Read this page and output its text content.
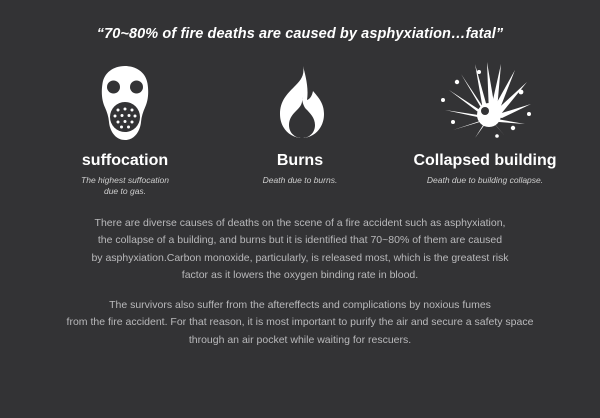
“70~80% of fire deaths are caused by asphyxiation…fatal”
suffocation
The highest suffocation
due to gas.
Burns
Death due to burns.
Collapsed building
Death due to building collapse.
There are diverse causes of deaths on the scene of a fire accident such as asphyxiation,
the collapse of a building, and burns but it is identified that 70~80% of them are caused
by asphyxiation.Carbon monoxide, particularly, is released most, which is the greatest risk
factor as it lowers the oxygen binding rate in blood.
The survivors also suffer from the aftereffects and complications by noxious fumes
from the fire accident. For that reason, it is most important to purify the air and secure a safety space
through an air pocket while waiting for rescuers.
